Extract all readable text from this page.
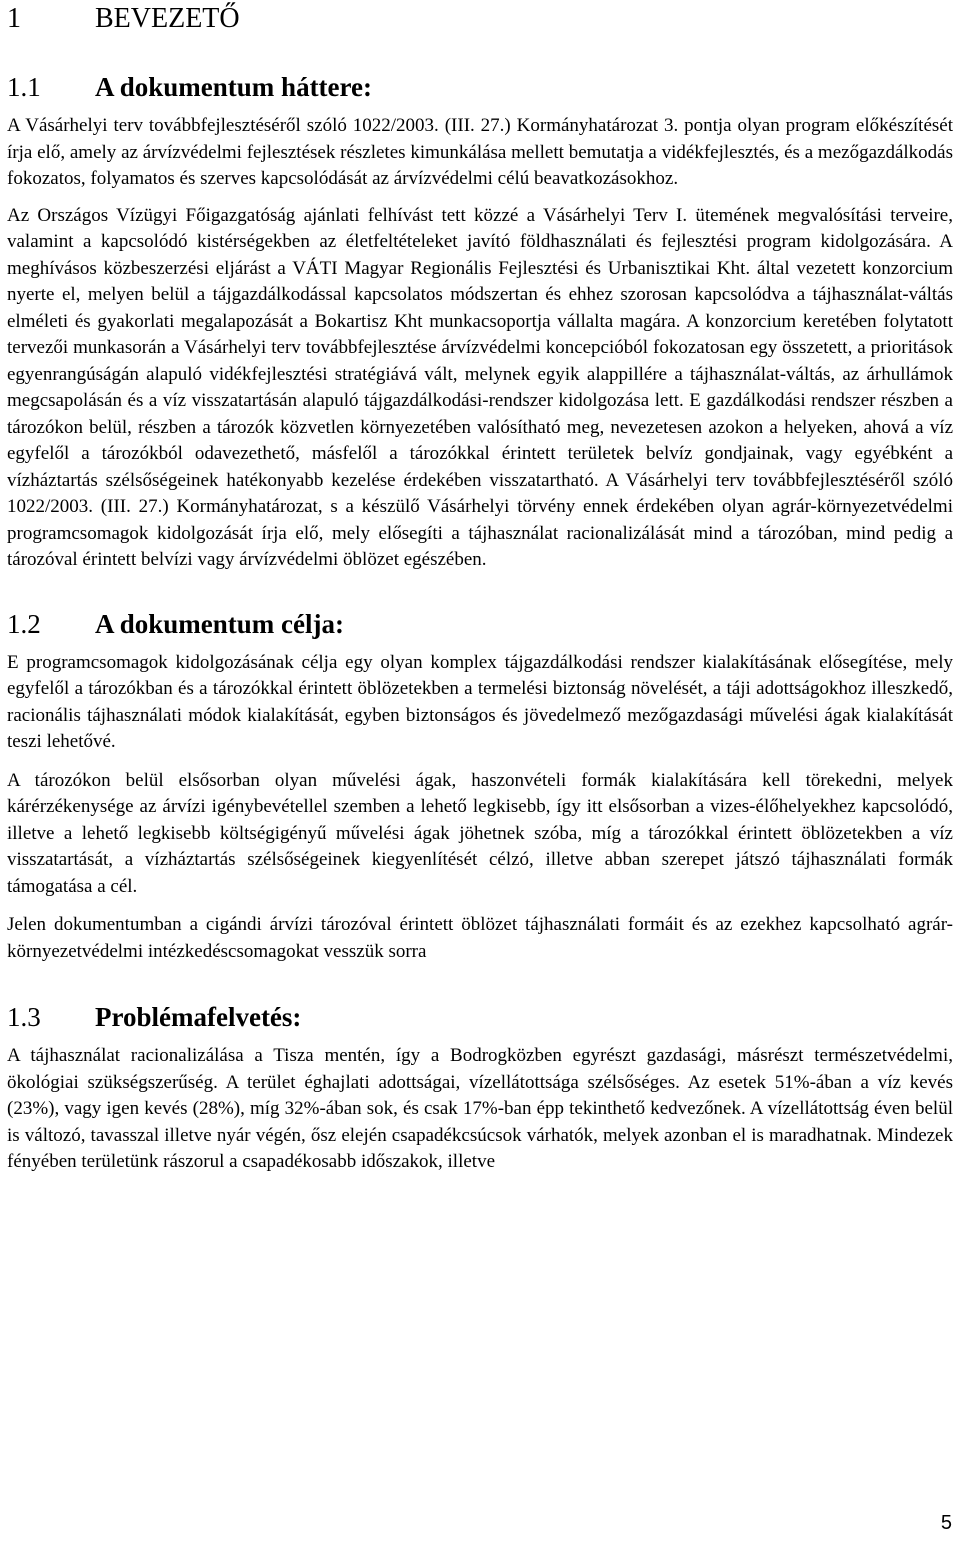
1	BEVEZETŐ
1.1 A dokumentum háttere:

A Vásárhelyi terv továbbfejlesztéséről szóló 1022/2003. (III. 27.) Kormányhatározat 3. pontja olyan program előkészítését írja elő, amely az árvízvédelmi fejlesztések részletes kimunkálása mellett bemutatja a vidékfejlesztés, és a mezőgazdálkodás fokozatos, folyamatos és szerves kapcsolódását az árvízvédelmi célú beavatkozásokhoz.

Az Országos Vízügyi Főigazgatóság ajánlati felhívást tett közzé a Vásárhelyi Terv I. ütemének megvalósítási terveire, valamint a kapcsolódó kistérségekben az életfeltételeket javító földhasználati és fejlesztési program kidolgozására. A meghívásos közbeszerzési eljárást a VÁTI Magyar Regionális Fejlesztési és Urbanisztikai Kht. által vezetett konzorcium nyerte el, melyen belül a tájgazdálkodással kapcsolatos módszertan és ehhez szorosan kapcsolódva a tájhasználat-váltás elméleti és gyakorlati megalapozását a Bokartisz Kht munkacsoportja vállalta magára. A konzorcium keretében folytatott tervezői munkasorán a Vásárhelyi terv továbbfejlesztése árvízvédelmi koncepcióból fokozatosan egy összetett, a prioritások egyenrangúságán alapuló vidékfejlesztési stratégiává vált, melynek egyik alappillére a tájhasználat-váltás, az árhullámok megcsapolásán és a víz visszatartásán alapuló tájgazdálkodási-rendszer kidolgozása lett. E gazdálkodási rendszer részben a tározókon belül, részben a tározók közvetlen környezetében valósítható meg, nevezetesen azokon a helyeken, ahová a víz egyfelől a tározókból odavezethető, másfelől a tározókkal érintett területek belvíz gondjainak, vagy egyébként a vízháztartás szélsőségeinek hatékonyabb kezelése érdekében visszatartható. A Vásárhelyi terv továbbfejlesztéséről szóló 1022/2003. (III. 27.) Kormányhatározat, s a készülő Vásárhelyi törvény ennek érdekében olyan agrár-környezetvédelmi programcsomagok kidolgozását írja elő, mely elősegíti a tájhasználat racionalizálását mind a tározóban, mind pedig a tározóval érintett belvízi vagy árvízvédelmi öblözet egészében.

1.2 A dokumentum célja:

E programcsomagok kidolgozásának célja egy olyan komplex tájgazdálkodási rendszer kialakításának elősegítése, mely egyfelől a tározókban és a tározókkal érintett öblözetekben a termelési biztonság növelését, a táji adottságokhoz illeszkedő, racionális tájhasználati módok kialakítását, egyben biztonságos és jövedelmező mezőgazdasági művelési ágak kialakítását teszi lehetővé.

A tározókon belül elsősorban olyan művelési ágak, haszonvételi formák kialakítására kell törekedni, melyek kárérzékenysége az árvízi igénybevétellel szemben a lehető legkisebb, így itt elsősorban a vizes-élőhelyekhez kapcsolódó, illetve a lehető legkisebb költségigényű művelési ágak jöhetnek szóba, míg a tározókkal érintett öblözetekben a víz visszatartását, a vízháztartás szélsőségeinek kiegyenlítését célzó, illetve abban szerepet játszó tájhasználati formák támogatása a cél.

Jelen dokumentumban a cigándi árvízi tározóval érintett öblözet tájhasználati formáit és az ezekhez kapcsolható agrár-környezetvédelmi intézkedéscsomagokat vesszük sorra

1.3 Problémafelvetés:

A tájhasználat racionalizálása a Tisza mentén, így a Bodrogközben egyrészt gazdasági, másrészt természetvédelmi, ökológiai szükségszerűség. A terület éghajlati adottságai, vízellátottsága szélsőséges. Az esetek 51%-ában a víz kevés (23%), vagy igen kevés (28%), míg 32%-ában sok, és csak 17%-ban épp tekinthető kedvezőnek. A vízellátottság éven belül is változó, tavasszal illetve nyár végén, ősz elején csapadékcsúcsok várhatók, melyek azonban el is maradhatnak. Mindezek fényében területünk rászorul a csapadékosabb időszakok, illetve

5
